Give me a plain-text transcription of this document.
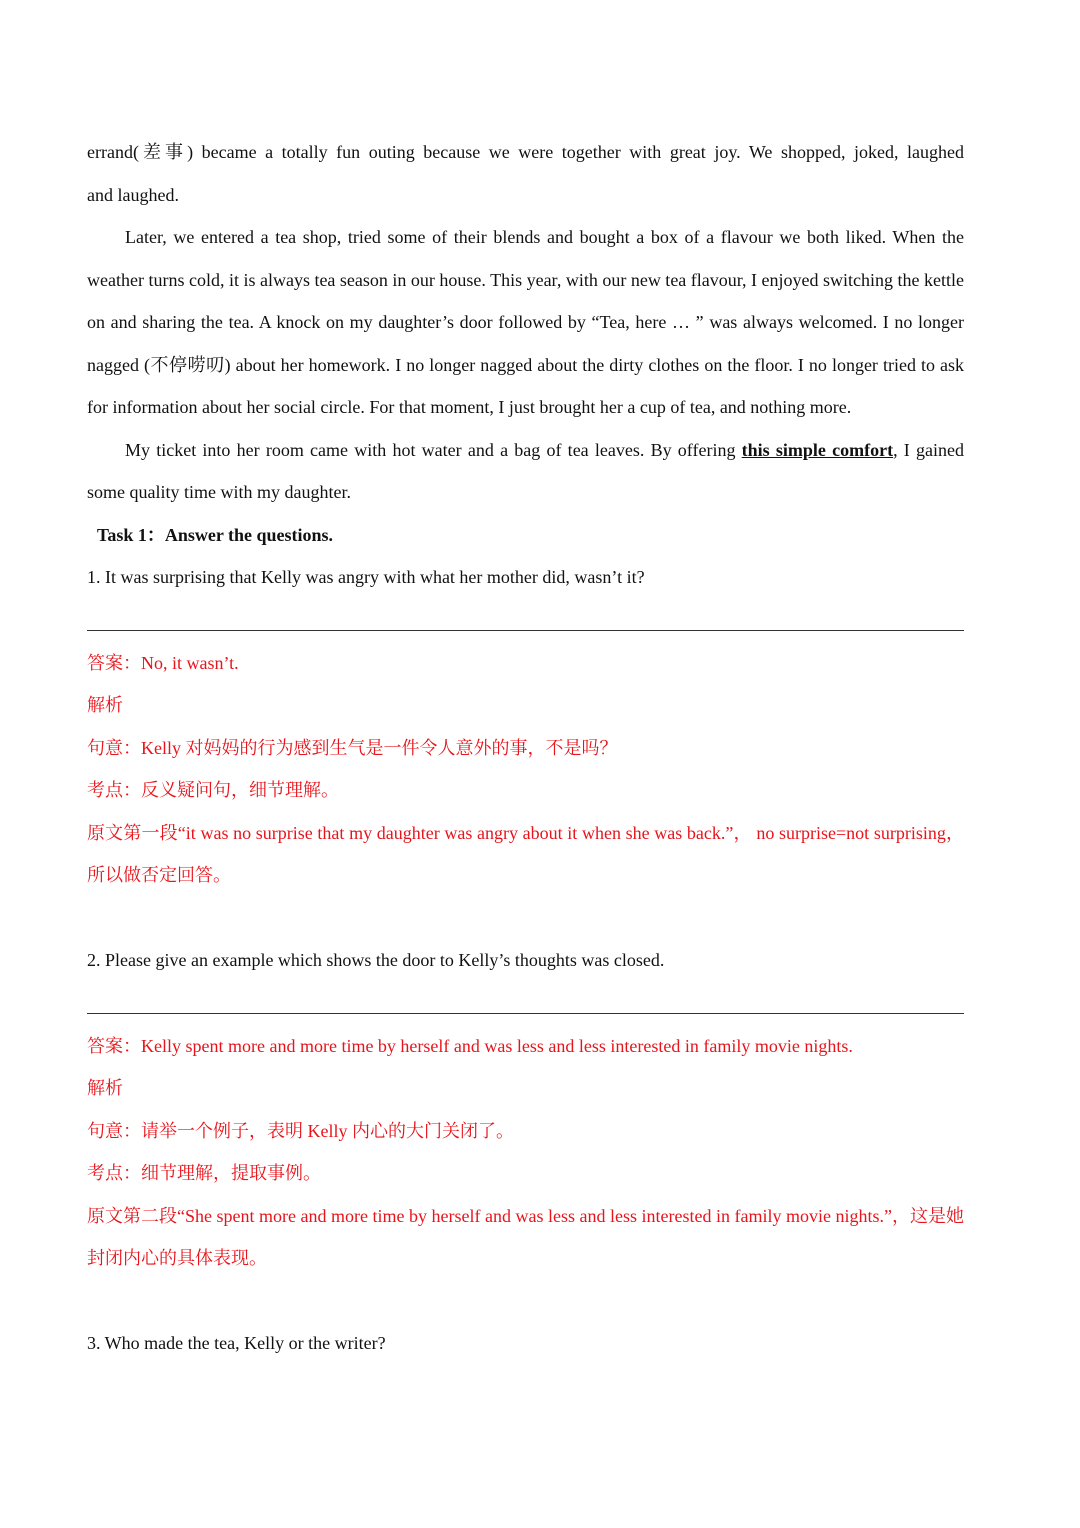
errand(差事) became a totally fun outing because we were together with great joy. We shopped, joked, laughed

and laughed.

Later, we entered a tea shop, tried some of their blends and bought a box of a flavour we both liked. When the weather turns cold, it is always tea season in our house. This year, with our new tea flavour, I enjoyed switching the kettle on and sharing the tea. A knock on my daughter’s door followed by “Tea, here … ” was always welcomed. I no longer nagged (不停唠叨) about her homework. I no longer nagged about the dirty clothes on the floor. I no longer tried to ask for information about her social circle. For that moment, I just brought her a cup of tea, and nothing more.

My ticket into her room came with hot water and a bag of tea leaves. By offering this simple comfort, I gained some quality time with my daughter.

Task 1：Answer the questions.

1. It was surprising that Kelly was angry with what her mother did, wasn’t it?

答案：No, it wasn’t.

解析

句意：Kelly 对妈妈的行为感到生气是一件令人意外的事，不是吗？

考点：反义疑问句，细节理解。

原文第一段“it was no surprise that my daughter was angry about it when she was back.”， no surprise=not surprising，所以做否定回答。

2. Please give an example which shows the door to Kelly’s thoughts was closed.

答案：Kelly spent more and more time by herself and was less and less interested in family movie nights.

解析

句意：请举一个例子，表明 Kelly 内心的大门关闭了。

考点：细节理解，提取事例。

原文第二段“She spent more and more time by herself and was less and less interested in family movie nights.”，这是她封闭内心的具体表现。

3. Who made the tea, Kelly or the writer?
